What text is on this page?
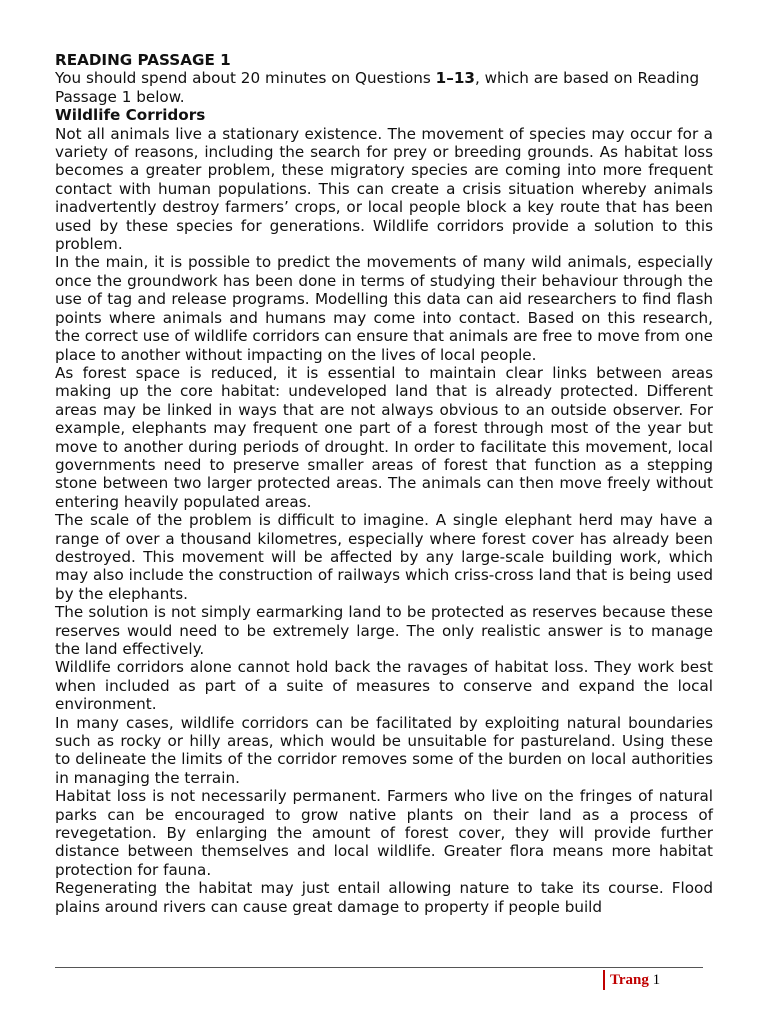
READING PASSAGE 1

You should spend about 20 minutes on Questions 1–13, which are based on Reading Passage 1 below.

Wildlife Corridors

Not all animals live a stationary existence. The movement of species may occur for a variety of reasons, including the search for prey or breeding grounds. As habitat loss becomes a greater problem, these migratory species are coming into more frequent contact with human populations. This can create a crisis situation whereby animals inadvertently destroy farmers’ crops, or local people block a key route that has been used by these species for generations. Wildlife corridors provide a solution to this problem.

In the main, it is possible to predict the movements of many wild animals, especially once the groundwork has been done in terms of studying their behaviour through the use of tag and release programs. Modelling this data can aid researchers to find flash points where animals and humans may come into contact. Based on this research, the correct use of wildlife corridors can ensure that animals are free to move from one place to another without impacting on the lives of local people.

As forest space is reduced, it is essential to maintain clear links between areas making up the core habitat: undeveloped land that is already protected. Different areas may be linked in ways that are not always obvious to an outside observer. For example, elephants may frequent one part of a forest through most of the year but move to another during periods of drought. In order to facilitate this movement, local governments need to preserve smaller areas of forest that function as a stepping stone between two larger protected areas. The animals can then move freely without entering heavily populated areas.

The scale of the problem is difficult to imagine. A single elephant herd may have a range of over a thousand kilometres, especially where forest cover has already been destroyed. This movement will be affected by any large-scale building work, which may also include the construction of railways which criss-cross land that is being used by the elephants.

The solution is not simply earmarking land to be protected as reserves because these reserves would need to be extremely large. The only realistic answer is to manage the land effectively.

Wildlife corridors alone cannot hold back the ravages of habitat loss. They work best when included as part of a suite of measures to conserve and expand the local environment.

In many cases, wildlife corridors can be facilitated by exploiting natural boundaries such as rocky or hilly areas, which would be unsuitable for pastureland. Using these to delineate the limits of the corridor removes some of the burden on local authorities in managing the terrain.

Habitat loss is not necessarily permanent. Farmers who live on the fringes of natural parks can be encouraged to grow native plants on their land as a process of revegetation. By enlarging the amount of forest cover, they will provide further distance between themselves and local wildlife. Greater flora means more habitat protection for fauna.

Regenerating the habitat may just entail allowing nature to take its course. Flood plains around rivers can cause great damage to property if people build

Trang 1
